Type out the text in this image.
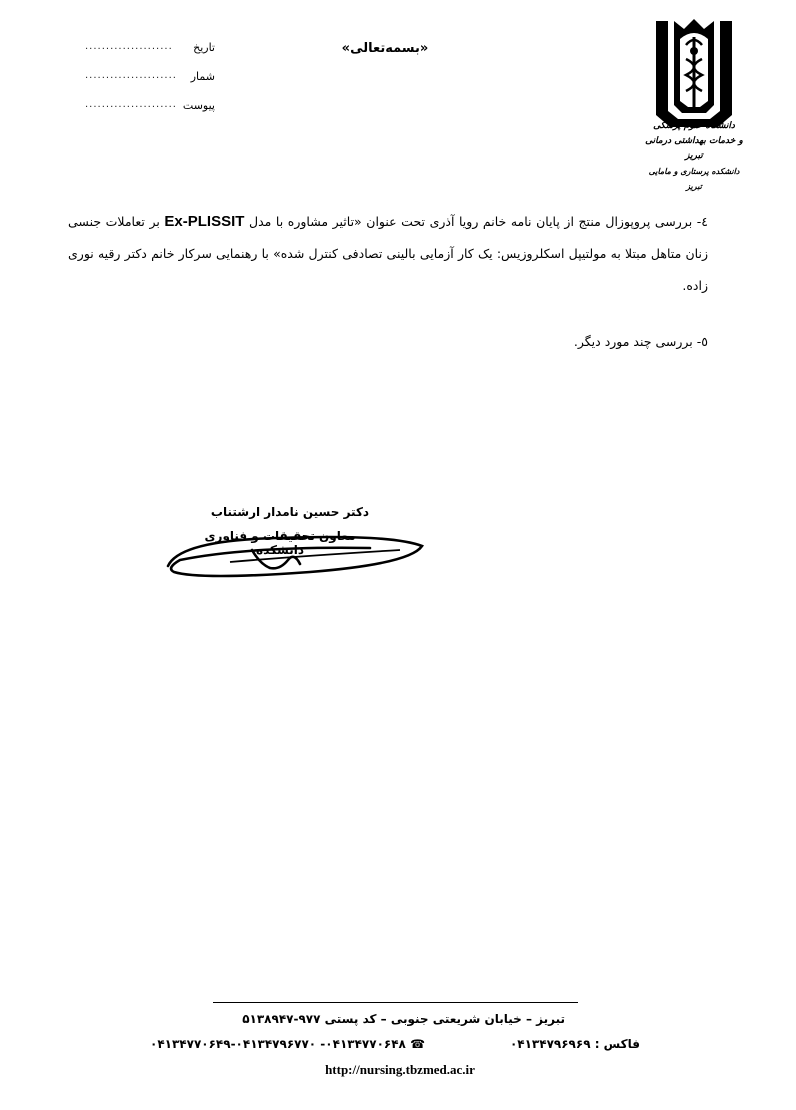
دانشگاه علوم پزشکی
و خدمات بهداشتی درمانی تبریز
دانشکده پرستاری و مامایی تبریز
«بسمه‌تعالی»
تاریخ
.....................
شمار
......................
پیوست
......................
٤- بررسی پروپوزال منتج از پایان نامه خانم رویا آذری تحت عنوان «تاثیر مشاوره با مدل Ex-PLISSIT بر تعاملات جنسی زنان متاهل مبتلا به مولتیپل اسکلروزیس: یک کار آزمایی بالینی تصادفی کنترل شده» با رهنمایی سرکار خانم دکتر رقیه نوری زاده.
٥- بررسی چند مورد دیگر.
دکتر حسین نامدار ارشتناب
معاون تحقیقات و فناوری دانشکده
تبریز – خیابان شریعتی جنوبی – کد پستی ۹۷۷-۵۱۳۸۹۴۷
فاکس : ۰۴۱۳۴۷۹۶۹۶۹
☎ ۰۴۱۳۴۷۷۰۶۴۸- ۰۴۱۳۴۷۷۰۶۴۹-۰۴۱۳۴۷۹۶۷۷۰
http://nursing.tbzmed.ac.ir
